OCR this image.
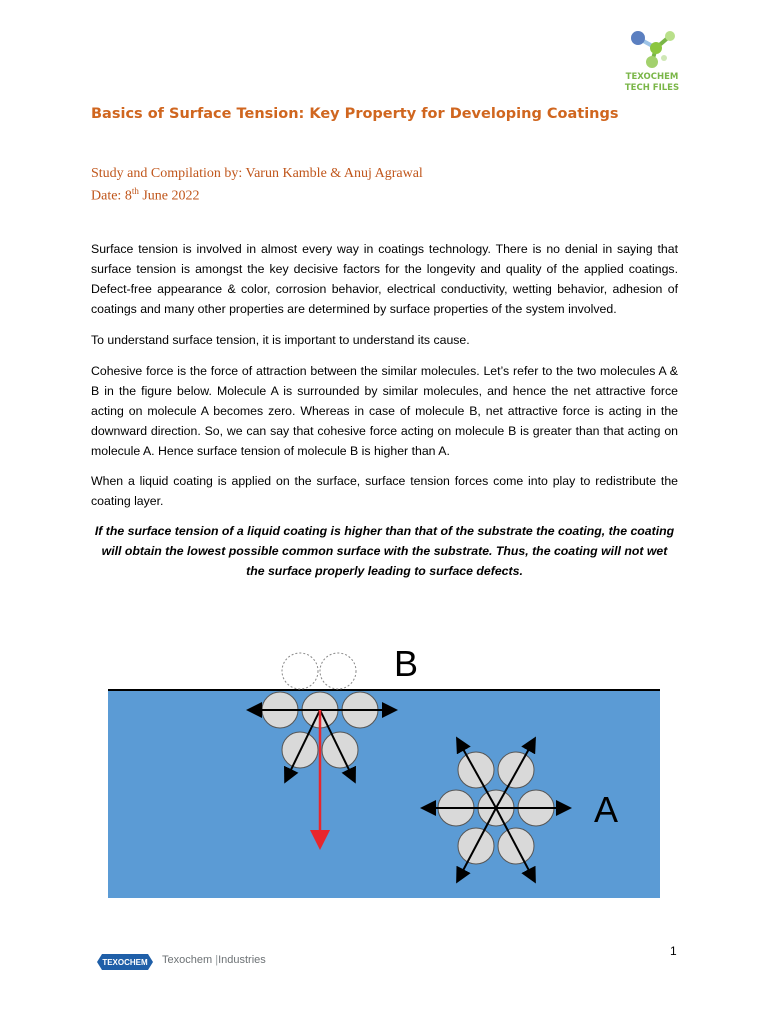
TEXOCHEM
TECH FILES
Basics of Surface Tension: Key Property for Developing Coatings
Study and Compilation by: Varun Kamble & Anuj Agrawal
Date: 8th June 2022

Surface tension is involved in almost every way in coatings technology. There is no denial in saying that surface tension is amongst the key decisive factors for the longevity and quality of the applied coatings. Defect-free appearance & color, corrosion behavior, electrical conductivity, wetting behavior, adhesion of coatings and many other properties are determined by surface properties of the system involved.

To understand surface tension, it is important to understand its cause.

Cohesive force is the force of attraction between the similar molecules. Let’s refer to the two molecules A & B in the figure below. Molecule A is surrounded by similar molecules, and hence the net attractive force acting on molecule A becomes zero. Whereas in case of molecule B, net attractive force is acting in the downward direction. So, we can say that cohesive force acting on molecule B is greater than that acting on molecule A. Hence surface tension of molecule B is higher than A.

When a liquid coating is applied on the surface, surface tension forces come into play to redistribute the coating layer.

If the surface tension of a liquid coating is higher than that of the substrate the coating, the coating will obtain the lowest possible common surface with the substrate. Thus, the coating will not wet the surface properly leading to surface defects.
B
A
1
TEXOCHEM Texochem |Industries
